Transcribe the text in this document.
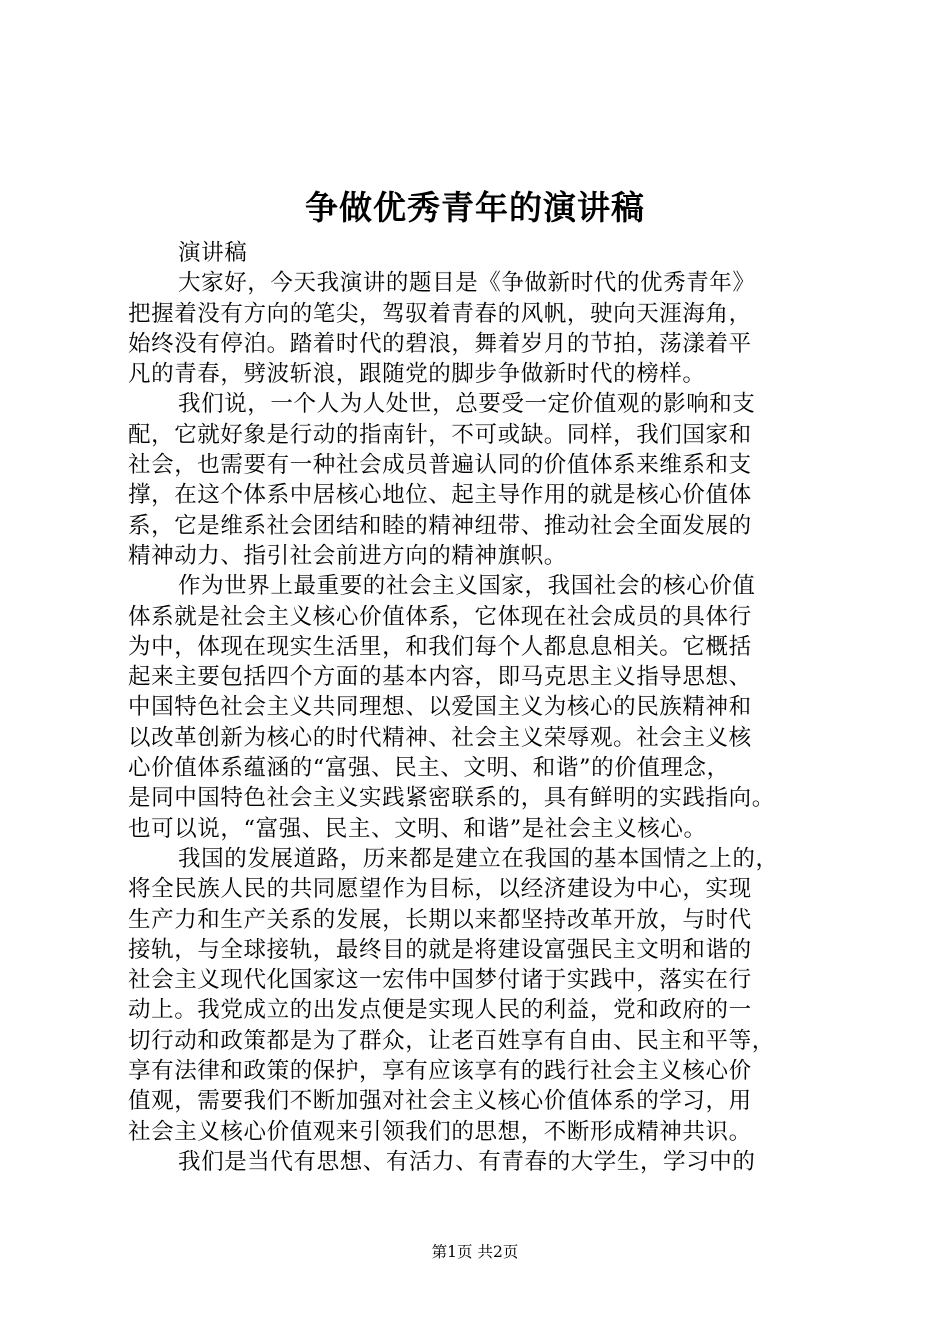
争做优秀青年的演讲稿
演讲稿
大家好，今天我演讲的题目是《争做新时代的优秀青年》
把握着没有方向的笔尖，驾驭着青春的风帆，驶向天涯海角，
始终没有停泊。踏着时代的碧浪，舞着岁月的节拍，荡漾着平
凡的青春，劈波斩浪，跟随党的脚步争做新时代的榜样。
我们说，一个人为人处世，总要受一定价值观的影响和支
配，它就好象是行动的指南针，不可或缺。同样，我们国家和
社会，也需要有一种社会成员普遍认同的价值体系来维系和支
撑，在这个体系中居核心地位、起主导作用的就是核心价值体
系，它是维系社会团结和睦的精神纽带、推动社会全面发展的
精神动力、指引社会前进方向的精神旗帜。
作为世界上最重要的社会主义国家，我国社会的核心价值
体系就是社会主义核心价值体系，它体现在社会成员的具体行
为中，体现在现实生活里，和我们每个人都息息相关。它概括
起来主要包括四个方面的基本内容，即马克思主义指导思想、
中国特色社会主义共同理想、以爱国主义为核心的民族精神和
以改革创新为核心的时代精神、社会主义荣辱观。社会主义核
心价值体系蕴涵的“富强、民主、文明、和谐”的价值理念，
是同中国特色社会主义实践紧密联系的，具有鲜明的实践指向。
也可以说，“富强、民主、文明、和谐”是社会主义核心。
我国的发展道路，历来都是建立在我国的基本国情之上的，
将全民族人民的共同愿望作为目标，以经济建设为中心，实现
生产力和生产关系的发展，长期以来都坚持改革开放，与时代
接轨，与全球接轨，最终目的就是将建设富强民主文明和谐的
社会主义现代化国家这一宏伟中国梦付诸于实践中，落实在行
动上。我党成立的出发点便是实现人民的利益，党和政府的一
切行动和政策都是为了群众，让老百姓享有自由、民主和平等，
享有法律和政策的保护，享有应该享有的践行社会主义核心价
值观，需要我们不断加强对社会主义核心价值体系的学习，用
社会主义核心价值观来引领我们的思想，不断形成精神共识。
我们是当代有思想、有活力、有青春的大学生，学习中的
第1页 共2页
